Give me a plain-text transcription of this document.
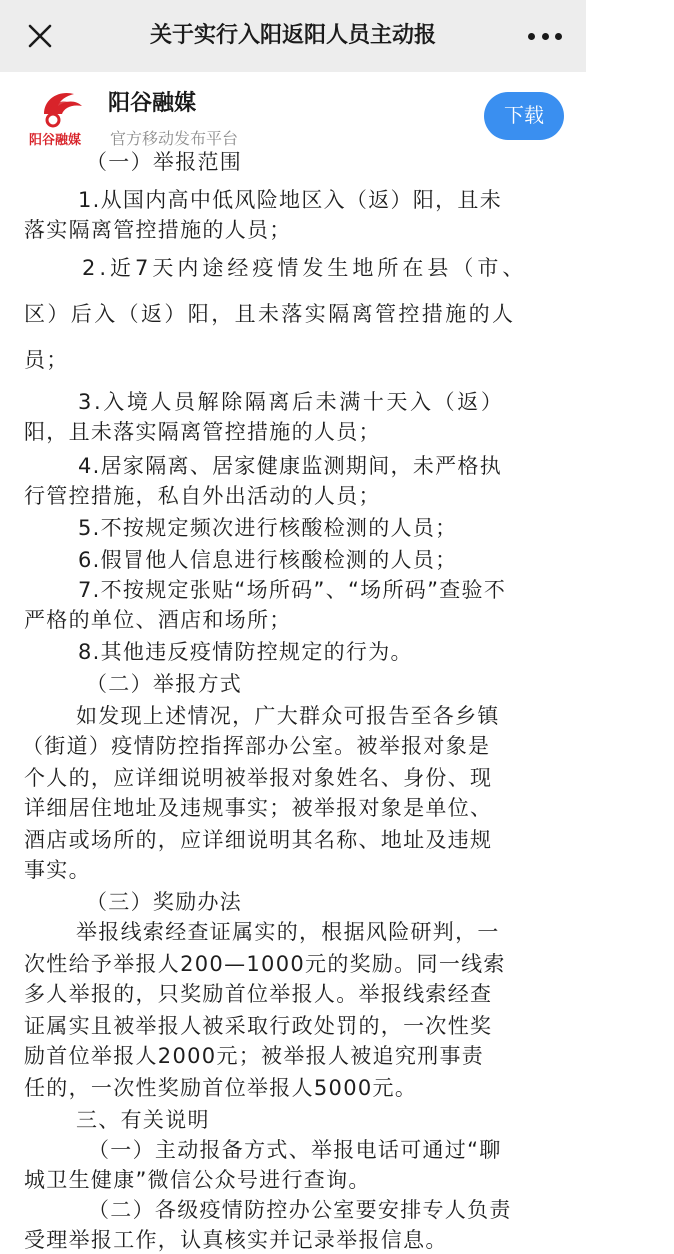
关于实行入阳返阳人员主动报
阳谷融媒
阳谷融媒
官方移动发布平台
下载
（一）举报范围
1.从国内高中低风险地区入（返）阳，且未
落实隔离管控措施的人员；
2.近7天内途经疫情发生地所在县（市、
区）后入（返）阳，且未落实隔离管控措施的人
员；
3.入境人员解除隔离后未满十天入（返）
阳，且未落实隔离管控措施的人员；
4.居家隔离、居家健康监测期间，未严格执
行管控措施，私自外出活动的人员；
5.不按规定频次进行核酸检测的人员；
6.假冒他人信息进行核酸检测的人员；
7.不按规定张贴“场所码”、“场所码”查验不
严格的单位、酒店和场所；
8.其他违反疫情防控规定的行为。
（二）举报方式
如发现上述情况，广大群众可报告至各乡镇
（街道）疫情防控指挥部办公室。被举报对象是
个人的，应详细说明被举报对象姓名、身份、现
详细居住地址及违规事实；被举报对象是单位、
酒店或场所的，应详细说明其名称、地址及违规
事实。
（三）奖励办法
举报线索经查证属实的，根据风险研判，一
次性给予举报人200—1000元的奖励。同一线索
多人举报的，只奖励首位举报人。举报线索经查
证属实且被举报人被采取行政处罚的，一次性奖
励首位举报人2000元；被举报人被追究刑事责
任的，一次性奖励首位举报人5000元。
三、有关说明
（一）主动报备方式、举报电话可通过“聊
城卫生健康”微信公众号进行查询。
（二）各级疫情防控办公室要安排专人负责
受理举报工作，认真核实并记录举报信息。
